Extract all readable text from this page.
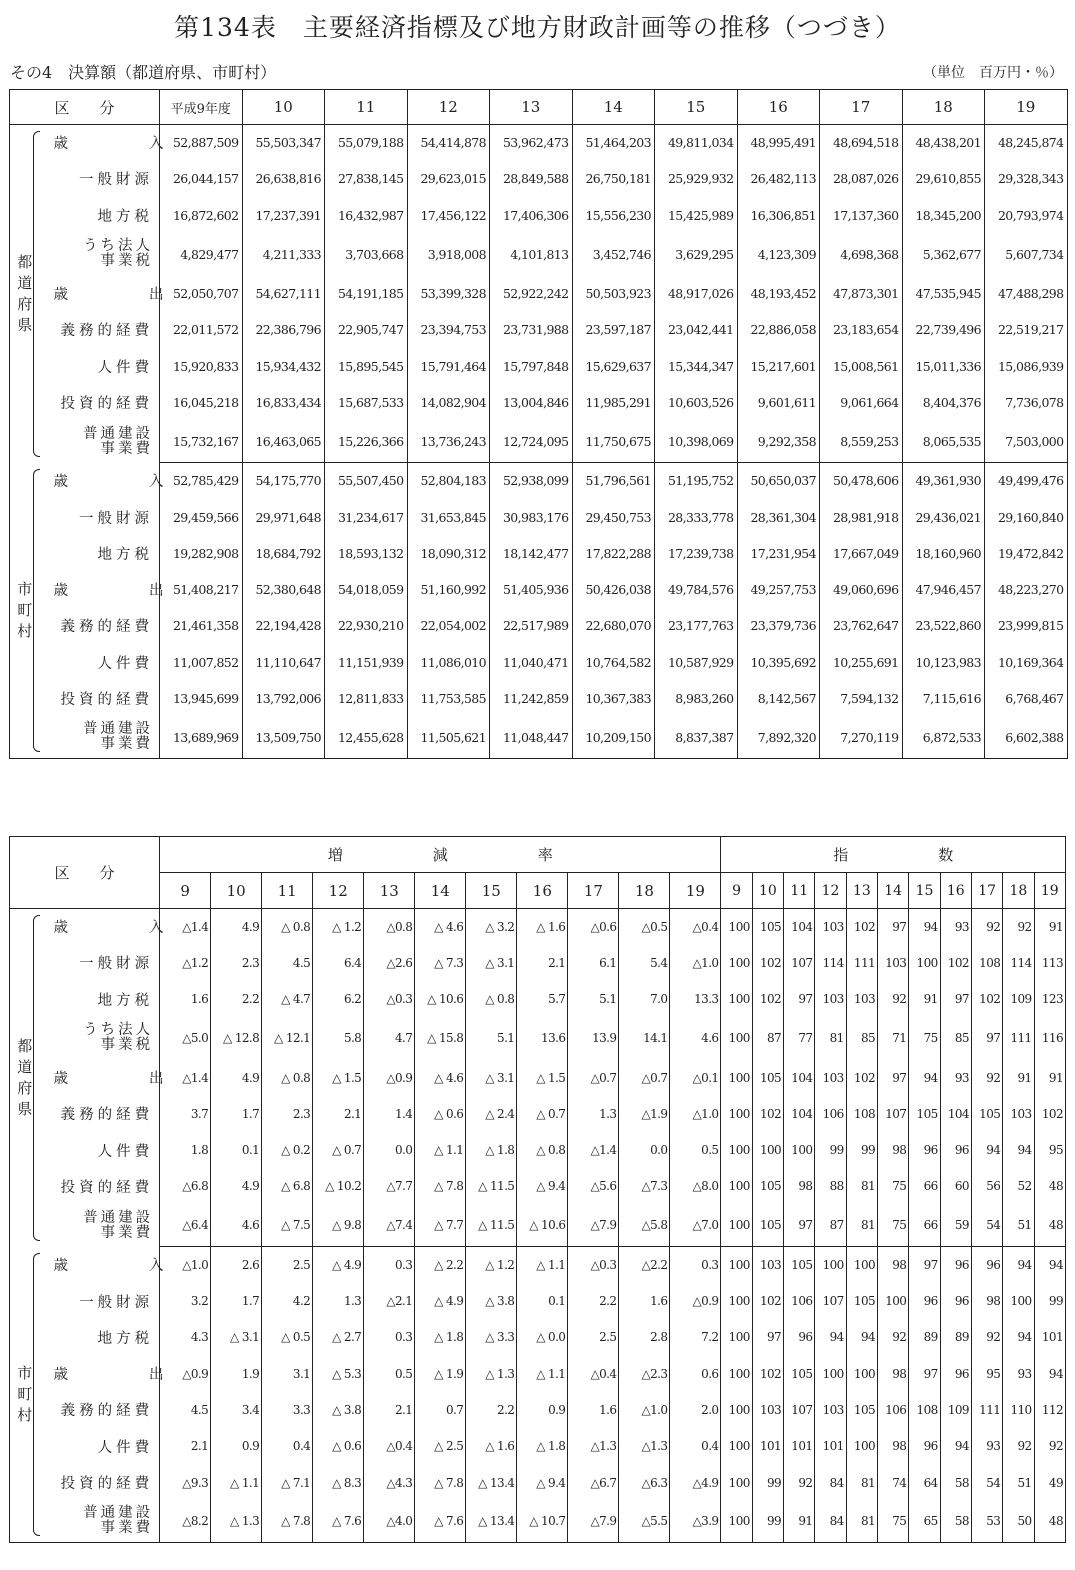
第134表　主要経済指標及び地方財政計画等の推移（つづき）
その4　決算額（都道府県、市町村）	（単位　百万円・％）
区　　分		平成9年度	10	11	12	13	14	15	16	17	18	19
都
道
府
県	歳 入	52,887,509	55,503,347	55,079,188	54,414,878	53,962,473	51,464,203	49,811,034	48,995,491	48,694,518	48,438,201	48,245,874

	一般財源	26,044,157	26,638,816	27,838,145	29,623,015	28,849,588	26,750,181	25,929,932	26,482,113	28,087,026	29,610,855	29,328,343

	地方税	16,872,602	17,237,391	16,432,987	17,456,122	17,406,306	15,556,230	15,425,989	16,306,851	17,137,360	18,345,200	20,793,974

	うち法人
事業税	4,829,477	4,211,333	3,703,668	3,918,008	4,101,813	3,452,746	3,629,295	4,123,309	4,698,368	5,362,677	5,607,734

	歳 出	52,050,707	54,627,111	54,191,185	53,399,328	52,922,242	50,503,923	48,917,026	48,193,452	47,873,301	47,535,945	47,488,298

	義務的経費	22,011,572	22,386,796	22,905,747	23,394,753	23,731,988	23,597,187	23,042,441	22,886,058	23,183,654	22,739,496	22,519,217

	人件費	15,920,833	15,934,432	15,895,545	15,791,464	15,797,848	15,629,637	15,344,347	15,217,601	15,008,561	15,011,336	15,086,939

	投資的経費	16,045,218	16,833,434	15,687,533	14,082,904	13,004,846	11,985,291	10,603,526	9,601,611	9,061,664	8,404,376	7,736,078

	普通建設
事業費	15,732,167	16,463,065	15,226,366	13,736,243	12,724,095	11,750,675	10,398,069	9,292,358	8,559,253	8,065,535	7,503,000
市
町
村	歳 入	52,785,429	54,175,770	55,507,450	52,804,183	52,938,099	51,796,561	51,195,752	50,650,037	50,478,606	49,361,930	49,499,476

	一般財源	29,459,566	29,971,648	31,234,617	31,653,845	30,983,176	29,450,753	28,333,778	28,361,304	28,981,918	29,436,021	29,160,840

	地方税	19,282,908	18,684,792	18,593,132	18,090,312	18,142,477	17,822,288	17,239,738	17,231,954	17,667,049	18,160,960	19,472,842

	歳 出	51,408,217	52,380,648	54,018,059	51,160,992	51,405,936	50,426,038	49,784,576	49,257,753	49,060,696	47,946,457	48,223,270

	義務的経費	21,461,358	22,194,428	22,930,210	22,054,002	22,517,989	22,680,070	23,177,763	23,379,736	23,762,647	23,522,860	23,999,815

	人件費	11,007,852	11,110,647	11,151,939	11,086,010	11,040,471	10,764,582	10,587,929	10,395,692	10,255,691	10,123,983	10,169,364

	投資的経費	13,945,699	13,792,006	12,811,833	11,753,585	11,242,859	10,367,383	8,983,260	8,142,567	7,594,132	7,115,616	6,768,467

	普通建設
事業費	13,689,969	13,509,750	12,455,628	11,505,621	11,048,447	10,209,150	8,837,387	7,892,320	7,270,119	6,872,533	6,602,388
区　　分		増　　　　　　減　　　　　　率											指　　　　　　数										
		9	10	11	12	13	14	15	16	17	18	19	9	10	11	12	13	14	15	16	17	18	19
都
道
府
県	歳 入	△1.4	4.9	△ 0.8	△ 1.2	△0.8	△ 4.6	△ 3.2	△ 1.6	△0.6	△0.5	△0.4	100	105	104	103	102	97	94	93	92	92	91

	一般財源	△1.2	2.3	4.5	6.4	△2.6	△ 7.3	△ 3.1	2.1	6.1	5.4	△1.0	100	102	107	114	111	103	100	102	108	114	113

	地方税	1.6	2.2	△ 4.7	6.2	△0.3	△ 10.6	△ 0.8	5.7	5.1	7.0	13.3	100	102	97	103	103	92	91	97	102	109	123

	うち法人
事業税	△5.0	△ 12.8	△ 12.1	5.8	4.7	△ 15.8	5.1	13.6	13.9	14.1	4.6	100	87	77	81	85	71	75	85	97	111	116

	歳 出	△1.4	4.9	△ 0.8	△ 1.5	△0.9	△ 4.6	△ 3.1	△ 1.5	△0.7	△0.7	△0.1	100	105	104	103	102	97	94	93	92	91	91

	義務的経費	3.7	1.7	2.3	2.1	1.4	△ 0.6	△ 2.4	△ 0.7	1.3	△1.9	△1.0	100	102	104	106	108	107	105	104	105	103	102

	人件費	1.8	0.1	△ 0.2	△ 0.7	0.0	△ 1.1	△ 1.8	△ 0.8	△1.4	0.0	0.5	100	100	100	99	99	98	96	96	94	94	95

	投資的経費	△6.8	4.9	△ 6.8	△ 10.2	△7.7	△ 7.8	△ 11.5	△ 9.4	△5.6	△7.3	△8.0	100	105	98	88	81	75	66	60	56	52	48

	普通建設
事業費	△6.4	4.6	△ 7.5	△ 9.8	△7.4	△ 7.7	△ 11.5	△ 10.6	△7.9	△5.8	△7.0	100	105	97	87	81	75	66	59	54	51	48
市
町
村	歳 入	△1.0	2.6	2.5	△ 4.9	0.3	△ 2.2	△ 1.2	△ 1.1	△0.3	△2.2	0.3	100	103	105	100	100	98	97	96	96	94	94

	一般財源	3.2	1.7	4.2	1.3	△2.1	△ 4.9	△ 3.8	0.1	2.2	1.6	△0.9	100	102	106	107	105	100	96	96	98	100	99

	地方税	4.3	△ 3.1	△ 0.5	△ 2.7	0.3	△ 1.8	△ 3.3	△ 0.0	2.5	2.8	7.2	100	97	96	94	94	92	89	89	92	94	101

	歳 出	△0.9	1.9	3.1	△ 5.3	0.5	△ 1.9	△ 1.3	△ 1.1	△0.4	△2.3	0.6	100	102	105	100	100	98	97	96	95	93	94

	義務的経費	4.5	3.4	3.3	△ 3.8	2.1	0.7	2.2	0.9	1.6	△1.0	2.0	100	103	107	103	105	106	108	109	111	110	112

	人件費	2.1	0.9	0.4	△ 0.6	△0.4	△ 2.5	△ 1.6	△ 1.8	△1.3	△1.3	0.4	100	101	101	101	100	98	96	94	93	92	92

	投資的経費	△9.3	△ 1.1	△ 7.1	△ 8.3	△4.3	△ 7.8	△ 13.4	△ 9.4	△6.7	△6.3	△4.9	100	99	92	84	81	74	64	58	54	51	49

	普通建設
事業費	△8.2	△ 1.3	△ 7.8	△ 7.6	△4.0	△ 7.6	△ 13.4	△ 10.7	△7.9	△5.5	△3.9	100	99	91	84	81	75	65	58	53	50	48
